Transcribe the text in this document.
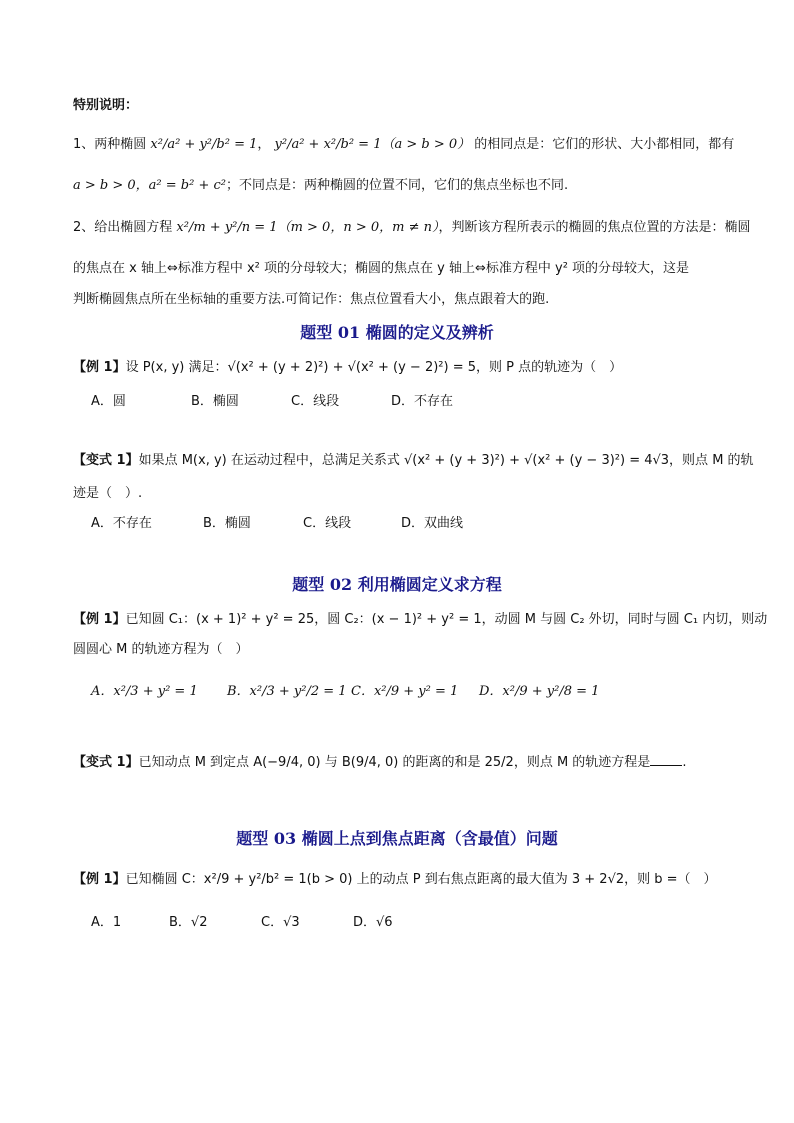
特别说明：
1、两种椭圆 x²/a² + y²/b² = 1， y²/a² + x²/b² = 1（a > b > 0） 的相同点是：它们的形状、大小都相同，都有
a > b > 0，a² = b² + c²；不同点是：两种椭圆的位置不同，它们的焦点坐标也不同.
2、给出椭圆方程 x²/m + y²/n = 1（m > 0，n > 0，m ≠ n），判断该方程所表示的椭圆的焦点位置的方法是：椭圆
的焦点在 x 轴上⇔标准方程中 x² 项的分母较大；椭圆的焦点在 y 轴上⇔标准方程中 y² 项的分母较大，这是
判断椭圆焦点所在坐标轴的重要方法.可简记作：焦点位置看大小，焦点跟着大的跑.
题型 01 椭圆的定义及辨析
【例 1】设 P(x, y) 满足：√(x² + (y + 2)²) + √(x² + (y − 2)²) = 5，则 P 点的轨迹为（　）
A．圆	B．椭圆	C．线段	D．不存在
【变式 1】如果点 M(x, y) 在运动过程中，总满足关系式 √(x² + (y + 3)²) + √(x² + (y − 3)²) = 4√3，则点 M 的轨
迹是（　）.
A．不存在	B．椭圆	C．线段	D．双曲线
题型 02 利用椭圆定义求方程
【例 1】已知圆 C₁：(x + 1)² + y² = 25，圆 C₂：(x − 1)² + y² = 1，动圆 M 与圆 C₂ 外切，同时与圆 C₁ 内切，则动
圆圆心 M 的轨迹方程为（　）
A．x²/3 + y² = 1 B．x²/3 + y²/2 = 1 C．x²/9 + y² = 1 D．x²/9 + y²/8 = 1
【变式 1】已知动点 M 到定点 A(−9/4, 0) 与 B(9/4, 0) 的距离的和是 25/2，则点 M 的轨迹方程是 .
题型 03 椭圆上点到焦点距离（含最值）问题
【例 1】已知椭圆 C：x²/9 + y²/b² = 1(b > 0) 上的动点 P 到右焦点距离的最大值为 3 + 2√2，则 b =（　）
A．1	B．√2	C．√3	D．√6
